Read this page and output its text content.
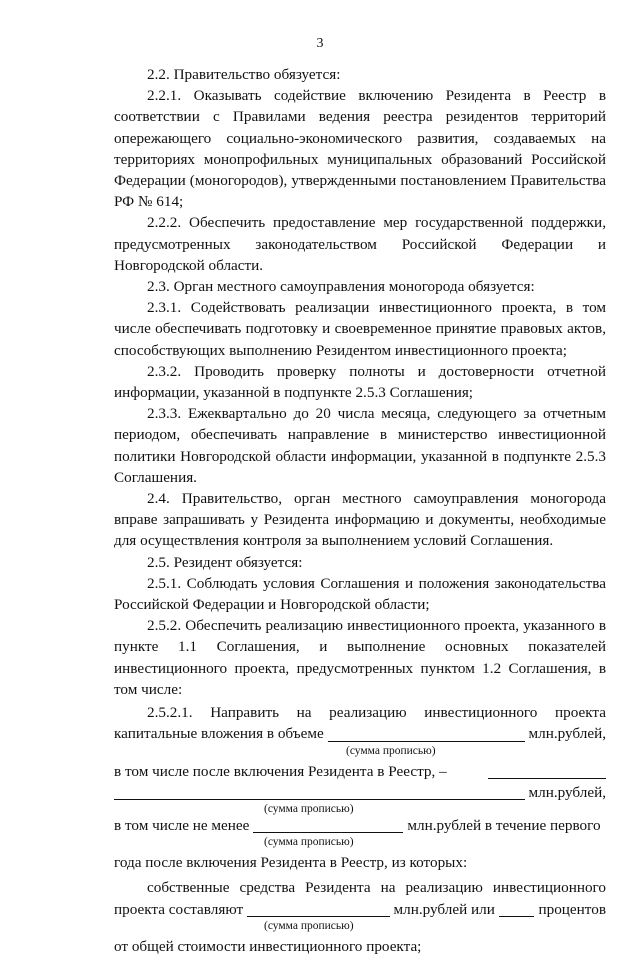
3

2.2. Правительство обязуется:

2.2.1. Оказывать содействие включению Резидента в Реестр в соответствии с Правилами ведения реестра резидентов территорий опережающего социально-экономического развития, создаваемых на территориях монопрофильных муниципальных образований Российской Федерации (моногородов), утвержденными постановлением Правительства РФ № 614;

2.2.2. Обеспечить предоставление мер государственной поддержки, предусмотренных законодательством Российской Федерации и Новгородской области.

2.3. Орган местного самоуправления моногорода обязуется:

2.3.1. Содействовать реализации инвестиционного проекта, в том числе обеспечивать подготовку и своевременное принятие правовых актов, способствующих выполнению Резидентом инвестиционного проекта;

2.3.2. Проводить проверку полноты и достоверности отчетной информации, указанной в подпункте 2.5.3 Соглашения;

2.3.3. Ежеквартально до 20 числа месяца, следующего за отчетным периодом, обеспечивать направление в министерство инвестиционной политики Новгородской области информации, указанной в подпункте 2.5.3 Соглашения.

2.4. Правительство, орган местного самоуправления моногорода вправе запрашивать у Резидента информацию и документы, необходимые для осуществления контроля за выполнением условий Соглашения.

2.5. Резидент обязуется:

2.5.1. Соблюдать условия Соглашения и положения законодательства Российской Федерации и Новгородской области;

2.5.2. Обеспечить реализацию инвестиционного проекта, указанного в пункте 1.1 Соглашения, и выполнение основных показателей инвестиционного проекта, предусмотренных пунктом 1.2 Соглашения, в том числе:

2.5.2.1. Направить на реализацию инвестиционного проекта

капитальные вложения в объеме	млн.рублей,
(сумма прописью)
в том числе после включения Резидента в Реестр, –
млн.рублей,
(сумма прописью)
в том числе не менее	млн.рублей в течение первого
(сумма прописью)

года после включения Резидента в Реестр, из которых:

собственные средства Резидента на реализацию инвестиционного

проекта составляют	млн.рублей или	процентов
(сумма прописью)

от общей стоимости инвестиционного проекта;
